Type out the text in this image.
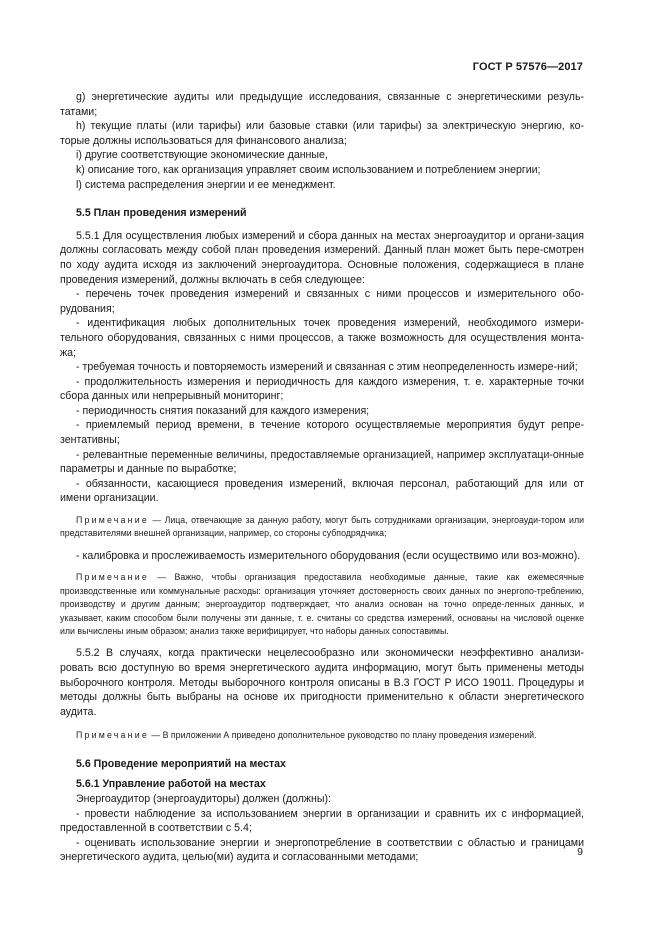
ГОСТ Р 57576—2017

g) энергетические аудиты или предыдущие исследования, связанные с энергетическими резуль-татами;

h) текущие платы (или тарифы) или базовые ставки (или тарифы) за электрическую энергию, ко-торые должны использоваться для финансового анализа;

i) другие соответствующие экономические данные,

k) описание того, как организация управляет своим использованием и потреблением энергии;

l) система распределения энергии и ее менеджмент.

5.5 План проведения измерений

5.5.1 Для осуществления любых измерений и сбора данных на местах энергоаудитор и органи-зация должны согласовать между собой план проведения измерений. Данный план может быть пере-смотрен по ходу аудита исходя из заключений энергоаудитора. Основные положения, содержащиеся в плане проведения измерений, должны включать в себя следующее:

- перечень точек проведения измерений и связанных с ними процессов и измерительного обо-рудования;

- идентификация любых дополнительных точек проведения измерений, необходимого измери-тельного оборудования, связанных с ними процессов, а также возможность для осуществления монта-жа;

- требуемая точность и повторяемость измерений и связанная с этим неопределенность измере-ний;

- продолжительность измерения и периодичность для каждого измерения, т. е. характерные точки сбора данных или непрерывный мониторинг;

- периодичность снятия показаний для каждого измерения;

- приемлемый период времени, в течение которого осуществляемые мероприятия будут репре-зентативны;

- релевантные переменные величины, предоставляемые организацией, например эксплуатаци-онные параметры и данные по выработке;

- обязанности, касающиеся проведения измерений, включая персонал, работающий для или от имени организации.

Примечание — Лица, отвечающие за данную работу, могут быть сотрудниками организации, энергоауди-тором или представителями внешней организации, например, со стороны субподрядчика;

- калибровка и прослеживаемость измерительного оборудования (если осуществимо или воз-можно).

Примечание — Важно, чтобы организация предоставила необходимые данные, такие как ежемесячные производственные или коммунальные расходы: организация уточняет достоверность своих данных по энергопо-треблению, производству и другим данным; энергоаудитор подтверждает, что анализ основан на точно опреде-ленных данных, и указывает, каким способом были получены эти данные, т. е. считаны со средства измерений, основаны на числовой оценке или вычислены иным образом; анализ также верифицирует, что наборы данных сопоставимы.

5.5.2 В случаях, когда практически нецелесообразно или экономически неэффективно анализи-ровать всю доступную во время энергетического аудита информацию, могут быть применены методы выборочного контроля. Методы выборочного контроля описаны в В.3 ГОСТ Р ИСО 19011. Процедуры и методы должны быть выбраны на основе их пригодности применительно к области энергетического аудита.

Примечание — В приложении А приведено дополнительное руководство по плану проведения измерений.

5.6 Проведение мероприятий на местах

5.6.1 Управление работой на местах

Энергоаудитор (энергоаудиторы) должен (должны):

- провести наблюдение за использованием энергии в организации и сравнить их с информацией, предоставленной в соответствии с 5.4;

- оценивать использование энергии и энергопотребление в соответствии с областью и границами энергетического аудита, целью(ми) аудита и согласованными методами;	9
